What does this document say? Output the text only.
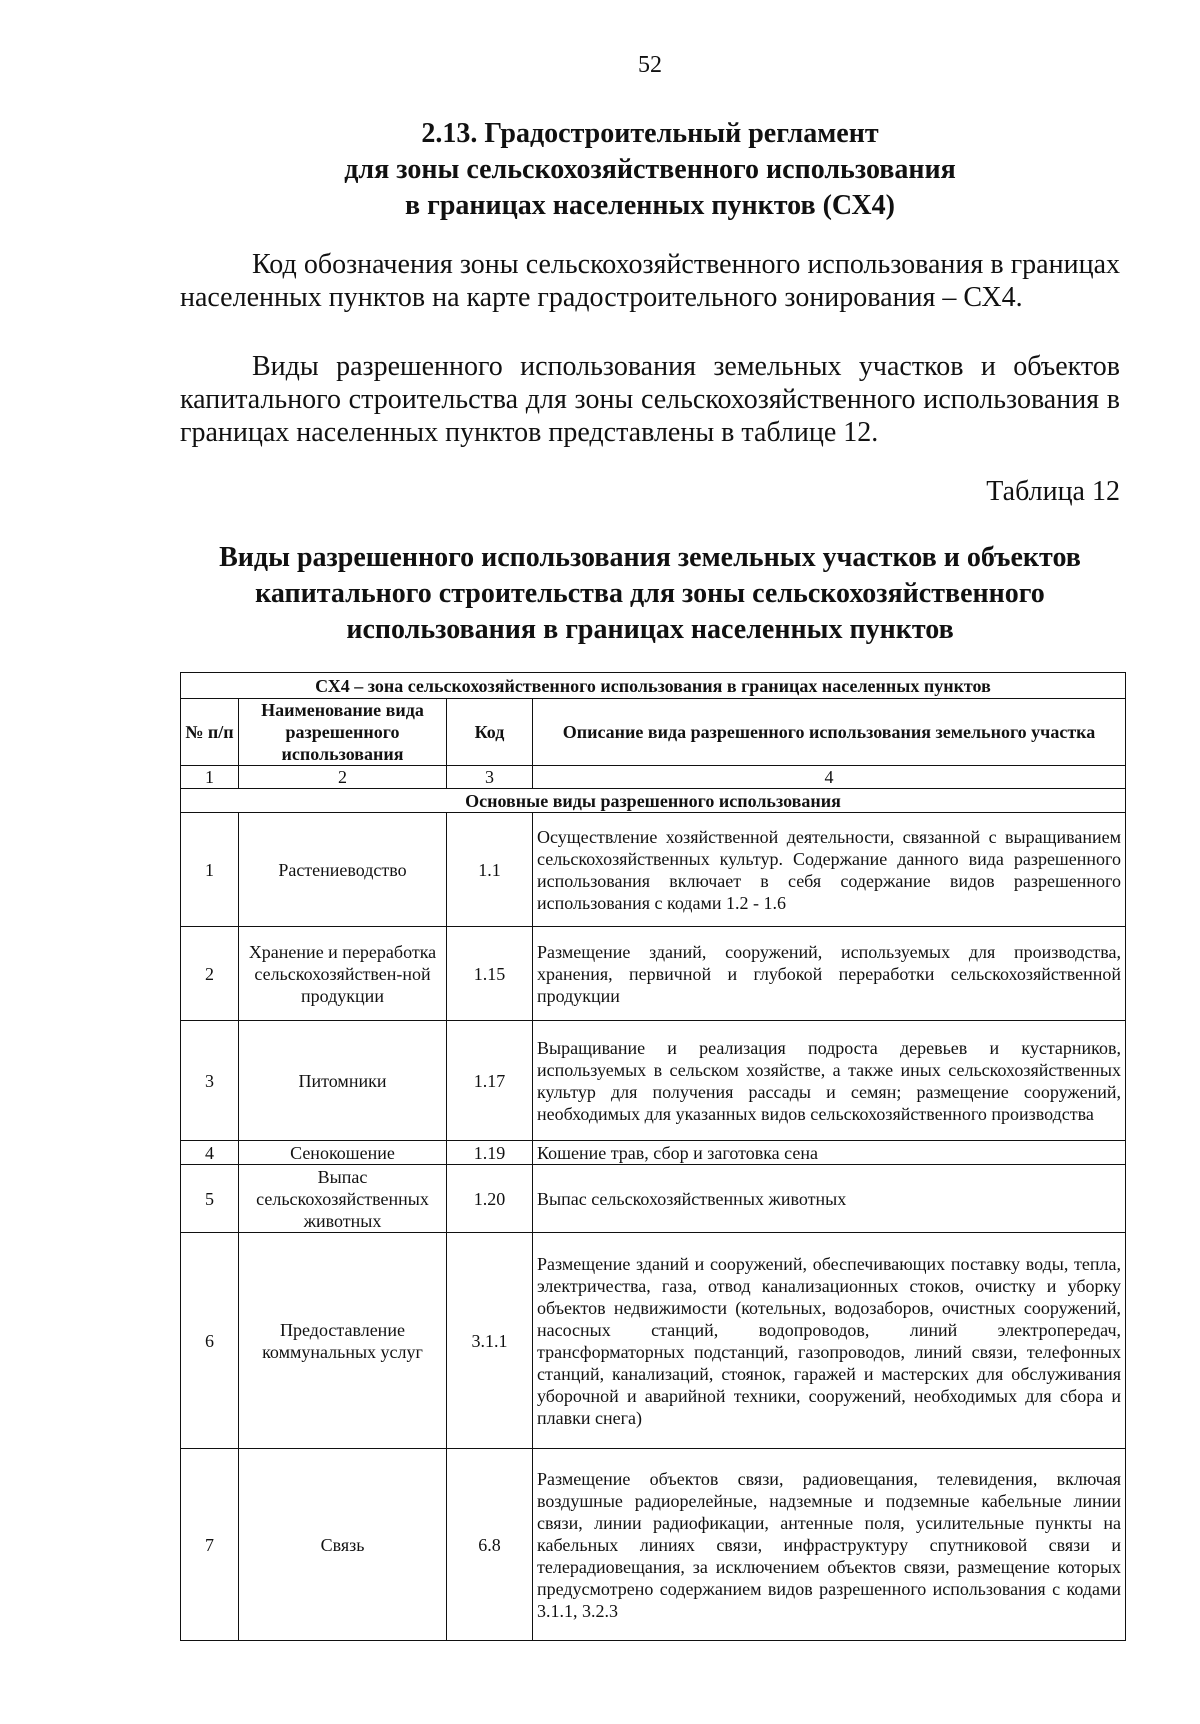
52
2.13. Градостроительный регламент
для зоны сельскохозяйственного использования
в границах населенных пунктов (СХ4)
Код обозначения зоны сельскохозяйственного использования в границах населенных пунктов на карте градостроительного зонирования – СХ4.
Виды разрешенного использования земельных участков и объектов капитального строительства для зоны сельскохозяйственного использования в границах населенных пунктов представлены в таблице 12.
Таблица 12
Виды разрешенного использования земельных участков и объектов
капитального строительства для зоны сельскохозяйственного
использования в границах населенных пунктов
СХ4 – зона сельскохозяйственного использования в границах населенных пунктов			
№ п/п	Наименование вида разрешенного использования	Код	Описание вида разрешенного использования земельного участка
1	2	3	4
Основные виды разрешенного использования			
1	Растениеводство	1.1	Осуществление хозяйственной деятельности, связанной с выращиванием сельскохозяйственных культур. Содержание данного вида разрешенного использования включает в себя содержание видов разрешенного использования с кодами 1.2 - 1.6
2	Хранение и переработка сельскохозяйствен-ной продукции	1.15	Размещение зданий, сооружений, используемых для производства, хранения, первичной и глубокой переработки сельскохозяйственной продукции
3	Питомники	1.17	Выращивание и реализация подроста деревьев и кустарников, используемых в сельском хозяйстве, а также иных сельскохозяйственных культур для получения рассады и семян; размещение сооружений, необходимых для указанных видов сельскохозяйственного производства
4	Сенокошение	1.19	Кошение трав, сбор и заготовка сена
5	Выпас сельскохозяйственных животных	1.20	Выпас сельскохозяйственных животных
6	Предоставление коммунальных услуг	3.1.1	Размещение зданий и сооружений, обеспечивающих поставку воды, тепла, электричества, газа, отвод канализационных стоков, очистку и уборку объектов недвижимости (котельных, водозаборов, очистных сооружений, насосных станций, водопроводов, линий электропередач, трансформаторных подстанций, газопроводов, линий связи, телефонных станций, канализаций, стоянок, гаражей и мастерских для обслуживания уборочной и аварийной техники, сооружений, необходимых для сбора и плавки снега)
7	Связь	6.8	Размещение объектов связи, радиовещания, телевидения, включая воздушные радиорелейные, надземные и подземные кабельные линии связи, линии радиофикации, антенные поля, усилительные пункты на кабельных линиях связи, инфраструктуру спутниковой связи и телерадиовещания, за исключением объектов связи, размещение которых предусмотрено содержанием видов разрешенного использования с кодами 3.1.1, 3.2.3
